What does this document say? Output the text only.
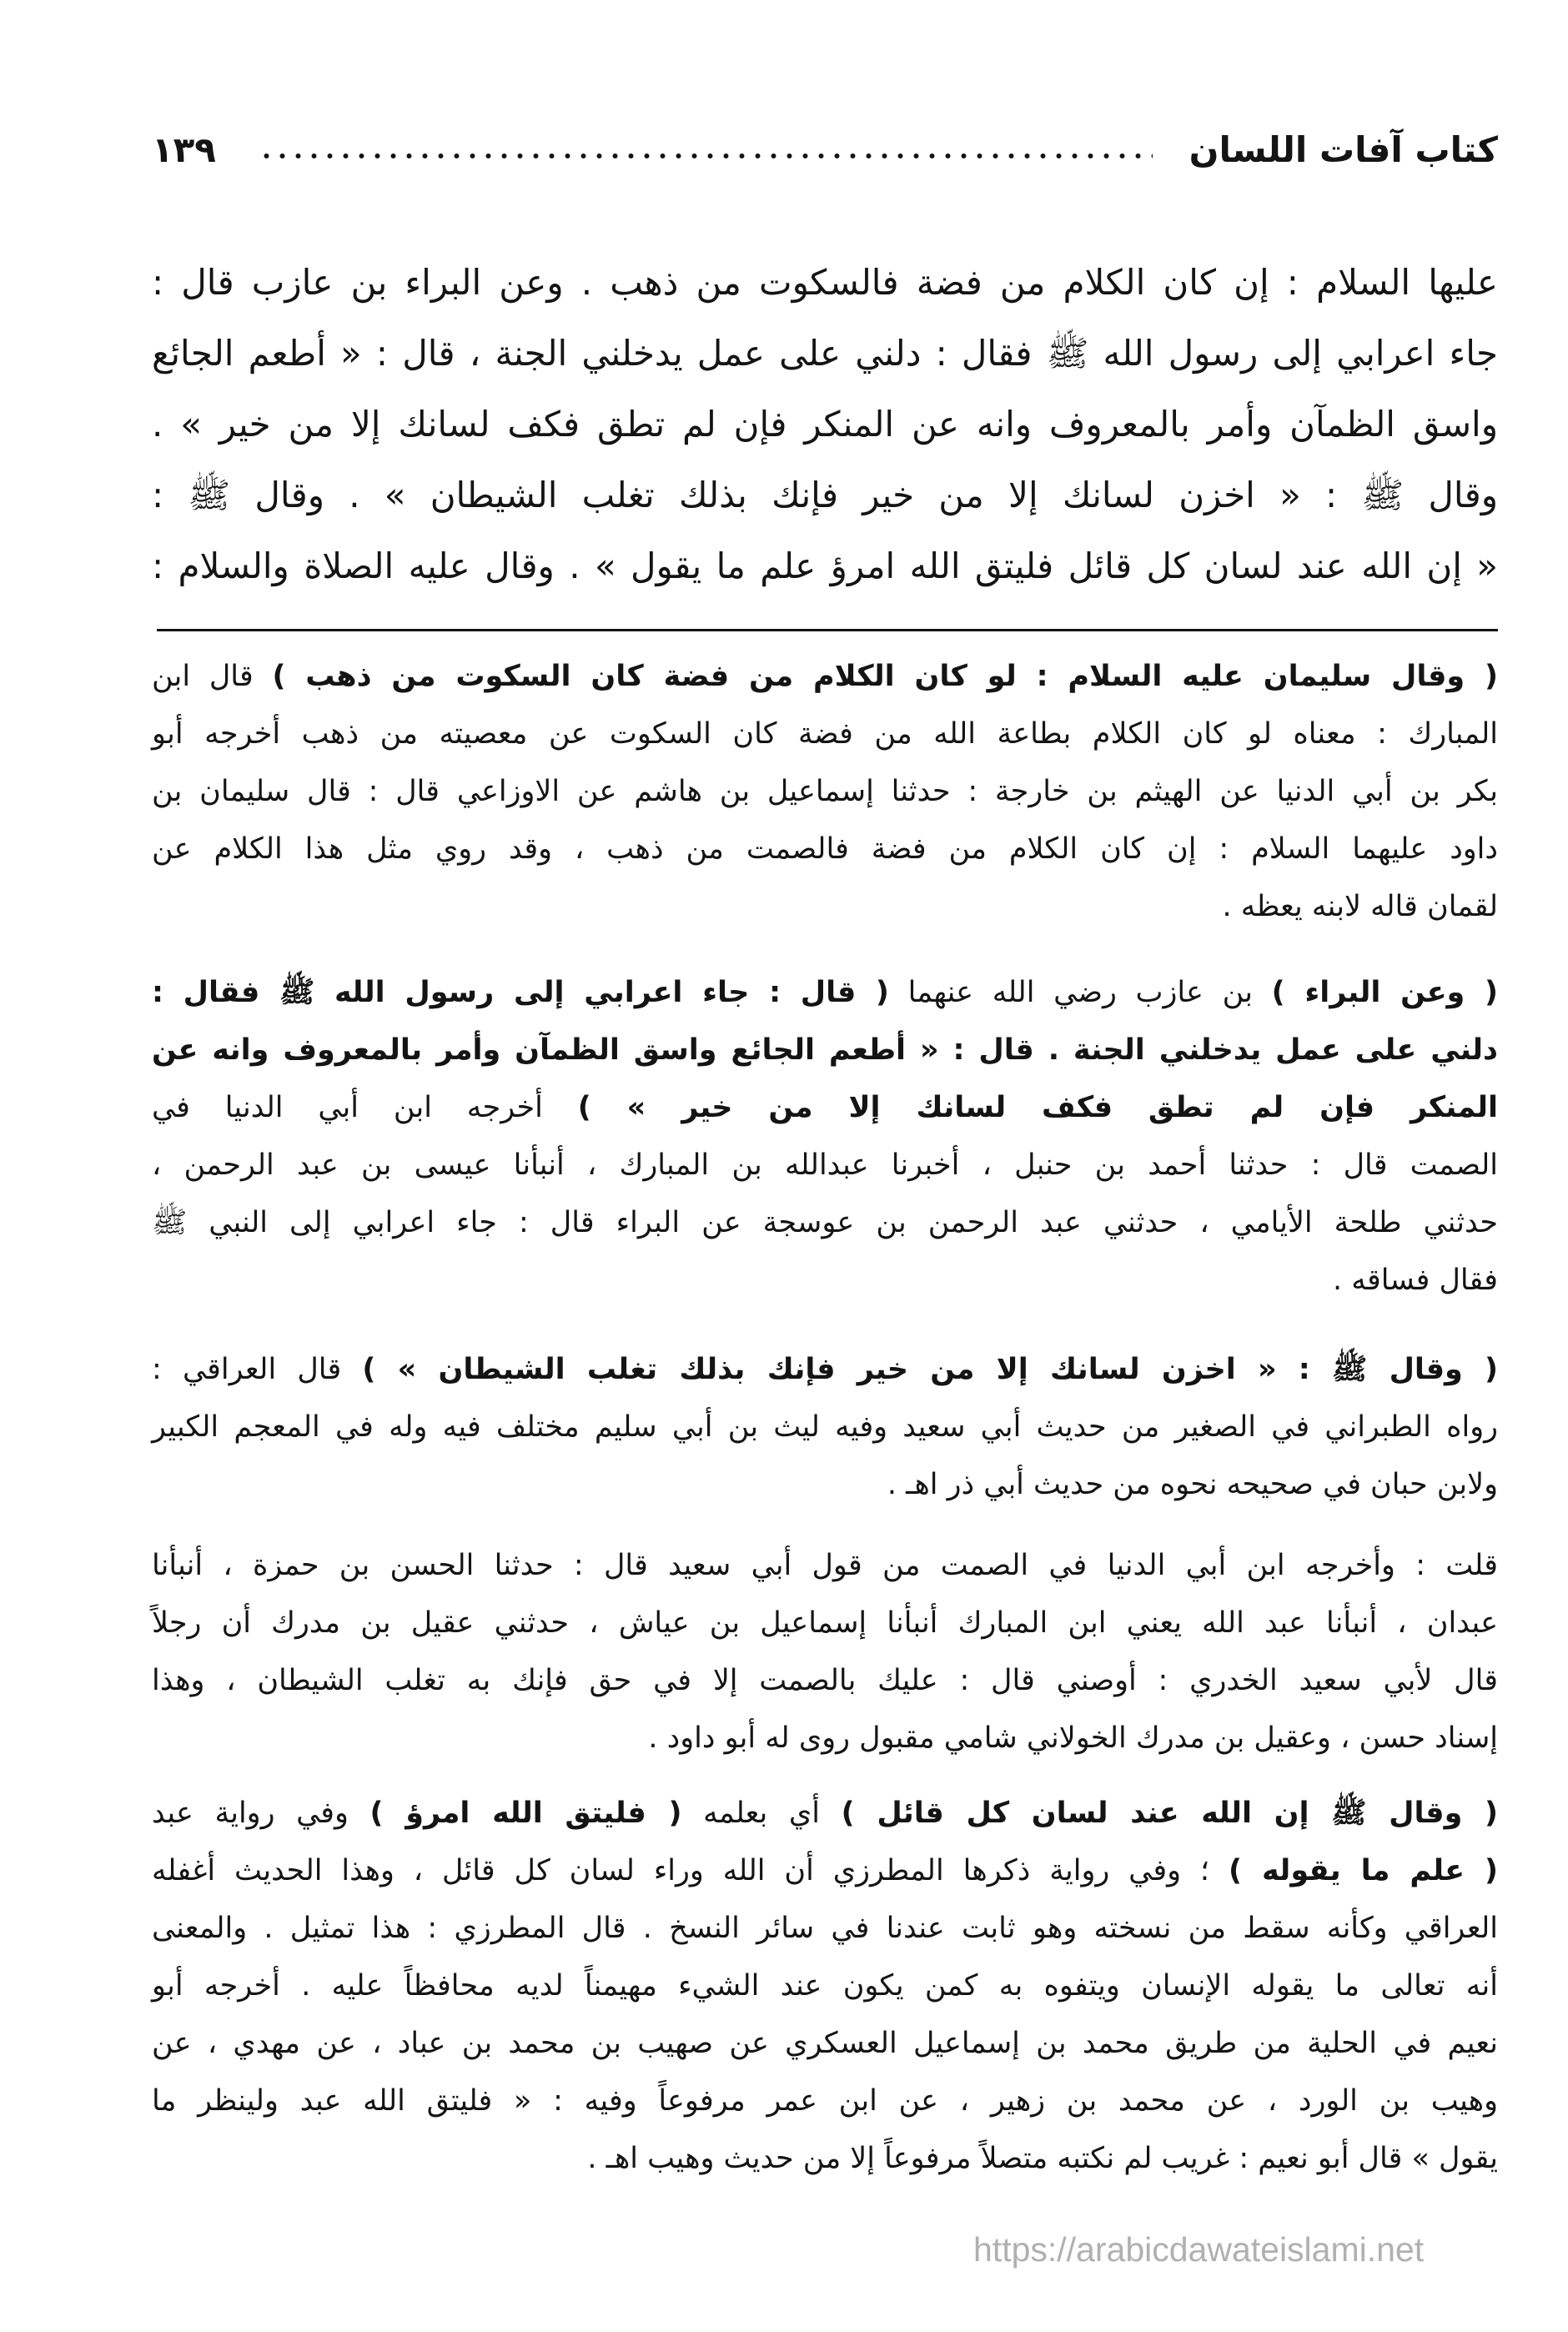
كتاب آفات اللسان
١٣٩
عليها السلام : إن كان الكلام من فضة فالسكوت من ذهب . وعن البراء بن عازب قال :
جاء اعرابي إلى رسول الله ﷺ فقال : دلني على عمل يدخلني الجنة ، قال : « أطعم الجائع
واسق الظمآن وأمر بالمعروف وانه عن المنكر فإن لم تطق فكف لسانك إلا من خير » .
وقال ﷺ : « اخزن لسانك إلا من خير فإنك بذلك تغلب الشيطان » . وقال ﷺ :
« إن الله عند لسان كل قائل فليتق الله امرؤ علم ما يقول » . وقال عليه الصلاة والسلام :
( وقال سليمان عليه السلام : لو كان الكلام من فضة كان السكوت من ذهب ) قال ابن
المبارك : معناه لو كان الكلام بطاعة الله من فضة كان السكوت عن معصيته من ذهب أخرجه أبو
بكر بن أبي الدنيا عن الهيثم بن خارجة : حدثنا إسماعيل بن هاشم عن الاوزاعي قال : قال سليمان بن
داود عليهما السلام : إن كان الكلام من فضة فالصمت من ذهب ، وقد روي مثل هذا الكلام عن
لقمان قاله لابنه يعظه .
( وعن البراء ) بن عازب رضي الله عنهما ( قال : جاء اعرابي إلى رسول الله ﷺ فقال :
دلني على عمل يدخلني الجنة . قال : « أطعم الجائع واسق الظمآن وأمر بالمعروف وانه عن
المنكر فإن لم تطق فكف لسانك إلا من خير » ) أخرجه ابن أبي الدنيا في
الصمت قال : حدثنا أحمد بن حنبل ، أخبرنا عبدالله بن المبارك ، أنبأنا عيسى بن عبد الرحمن ،
حدثني طلحة الأيامي ، حدثني عبد الرحمن بن عوسجة عن البراء قال : جاء اعرابي إلى النبي ﷺ
فقال فساقه .
( وقال ﷺ : « اخزن لسانك إلا من خير فإنك بذلك تغلب الشيطان » ) قال العراقي :
رواه الطبراني في الصغير من حديث أبي سعيد وفيه ليث بن أبي سليم مختلف فيه وله في المعجم الكبير
ولابن حبان في صحيحه نحوه من حديث أبي ذر اهـ .
قلت : وأخرجه ابن أبي الدنيا في الصمت من قول أبي سعيد قال : حدثنا الحسن بن حمزة ، أنبأنا
عبدان ، أنبأنا عبد الله يعني ابن المبارك أنبأنا إسماعيل بن عياش ، حدثني عقيل بن مدرك أن رجلاً
قال لأبي سعيد الخدري : أوصني قال : عليك بالصمت إلا في حق فإنك به تغلب الشيطان ، وهذا
إسناد حسن ، وعقيل بن مدرك الخولاني شامي مقبول روى له أبو داود .
( وقال ﷺ إن الله عند لسان كل قائل ) أي بعلمه ( فليتق الله امرؤ ) وفي رواية عبد
( علم ما يقوله ) ؛ وفي رواية ذكرها المطرزي أن الله وراء لسان كل قائل ، وهذا الحديث أغفله
العراقي وكأنه سقط من نسخته وهو ثابت عندنا في سائر النسخ . قال المطرزي : هذا تمثيل . والمعنى
أنه تعالى ما يقوله الإنسان ويتفوه به كمن يكون عند الشيء مهيمناً لديه محافظاً عليه . أخرجه أبو
نعيم في الحلية من طريق محمد بن إسماعيل العسكري عن صهيب بن محمد بن عباد ، عن مهدي ، عن
وهيب بن الورد ، عن محمد بن زهير ، عن ابن عمر مرفوعاً وفيه : « فليتق الله عبد ولينظر ما
يقول » قال أبو نعيم : غريب لم نكتبه متصلاً مرفوعاً إلا من حديث وهيب اهـ .
https://arabicdawateislami.net
